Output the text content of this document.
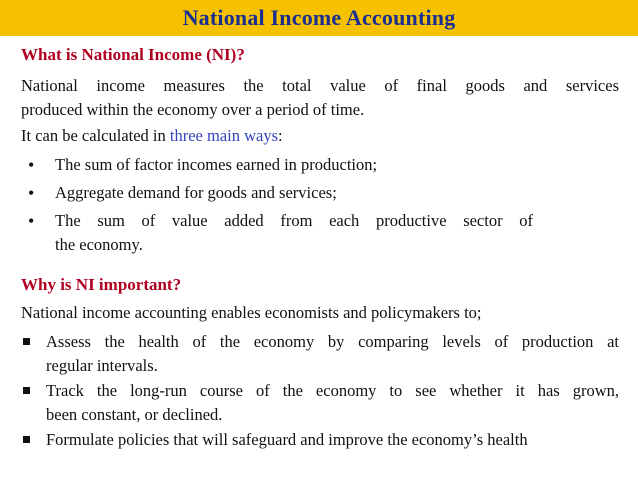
National Income Accounting
What is National Income (NI)?
National income measures the total value of final goods and services
produced within the economy over a period of time.
It can be calculated in three main ways:
•	The sum of factor incomes earned in production;
•	Aggregate demand for goods and services;
•	The sum of value added from each productive sector of
the economy.
Why is NI important?
National income accounting enables economists and policymakers to;
Assess the health of the economy by comparing levels of production at
regular intervals.
Track the long-run course of the economy to see whether it has grown,
been constant, or declined.
Formulate policies that will safeguard and improve the economy’s health
